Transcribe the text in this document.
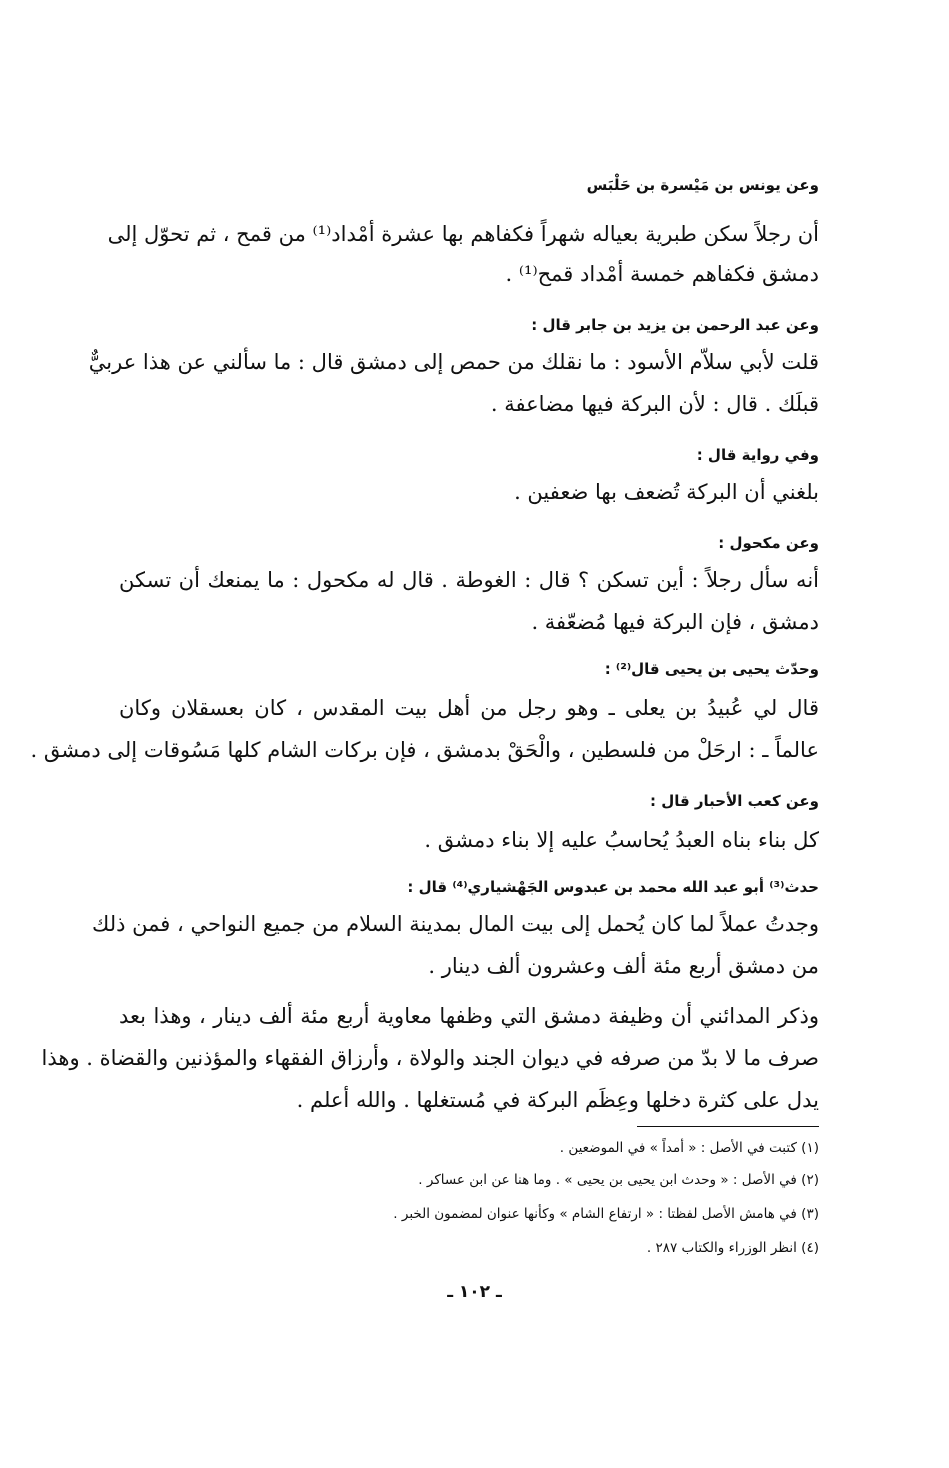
وعن يونس بن مَيْسرة بن حَلْبَس
أن رجلاً سكن طبرية بعياله شهراً فكفاهم بها عشرة أمْداد⁽¹⁾ من قمح ، ثم تحوّل إلى
دمشق فكفاهم خمسة أمْداد قمح⁽¹⁾ .
وعن عبد الرحمن بن يزيد بن جابر قال :
قلت لأبي سلاّم الأسود : ما نقلك من حمص إلى دمشق قال : ما سألني عن هذا عربيٌّ
قبلَك . قال : لأن البركة فيها مضاعفة .
وفي رواية قال :
بلغني أن البركة تُضعف بها ضعفين .
وعن مكحول :
أنه سأل رجلاً : أين تسكن ؟ قال : الغوطة . قال له مكحول : ما يمنعك أن تسكن
دمشق ، فإن البركة فيها مُضعّفة .
وحدّث يحيى بن يحيى قال⁽²⁾ :
قال لي عُبيدُ بن يعلى ـ وهو رجل من أهل بيت المقدس ، كان بعسقلان وكان
عالماً ـ : ارحَلْ من فلسطين ، والْحَقْ بدمشق ، فإن بركات الشام كلها مَسُوقات إلى دمشق .
وعن كعب الأحبار قال :
كل بناء بناه العبدُ يُحاسبُ عليه إلا بناء دمشق .
حدث⁽³⁾ أبو عبد الله محمد بن عبدوس الجَهْشياري⁽⁴⁾ قال :
وجدتُ عملاً لما كان يُحمل إلى بيت المال بمدينة السلام من جميع النواحي ، فمن ذلك
من دمشق أربع مئة ألف وعشرون ألف دينار .
وذكر المدائني أن وظيفة دمشق التي وظفها معاوية أربع مئة ألف دينار ، وهذا بعد
صرف ما لا بدّ من صرفه في ديوان الجند والولاة ، وأرزاق الفقهاء والمؤذنين والقضاة . وهذا
يدل على كثرة دخلها وعِظَم البركة في مُستغلها . والله أعلم .
(١) كتبت في الأصل : « أمداً » في الموضعين .
(٢) في الأصل : « وحدث ابن يحيى بن يحيى » . وما هنا عن ابن عساكر .
(٣) في هامش الأصل لفظتا : « ارتفاع الشام » وكأنها عنوان لمضمون الخبر .
(٤) انظر الوزراء والكتاب ٢٨٧ .
ـ ١٠٢ ـ
